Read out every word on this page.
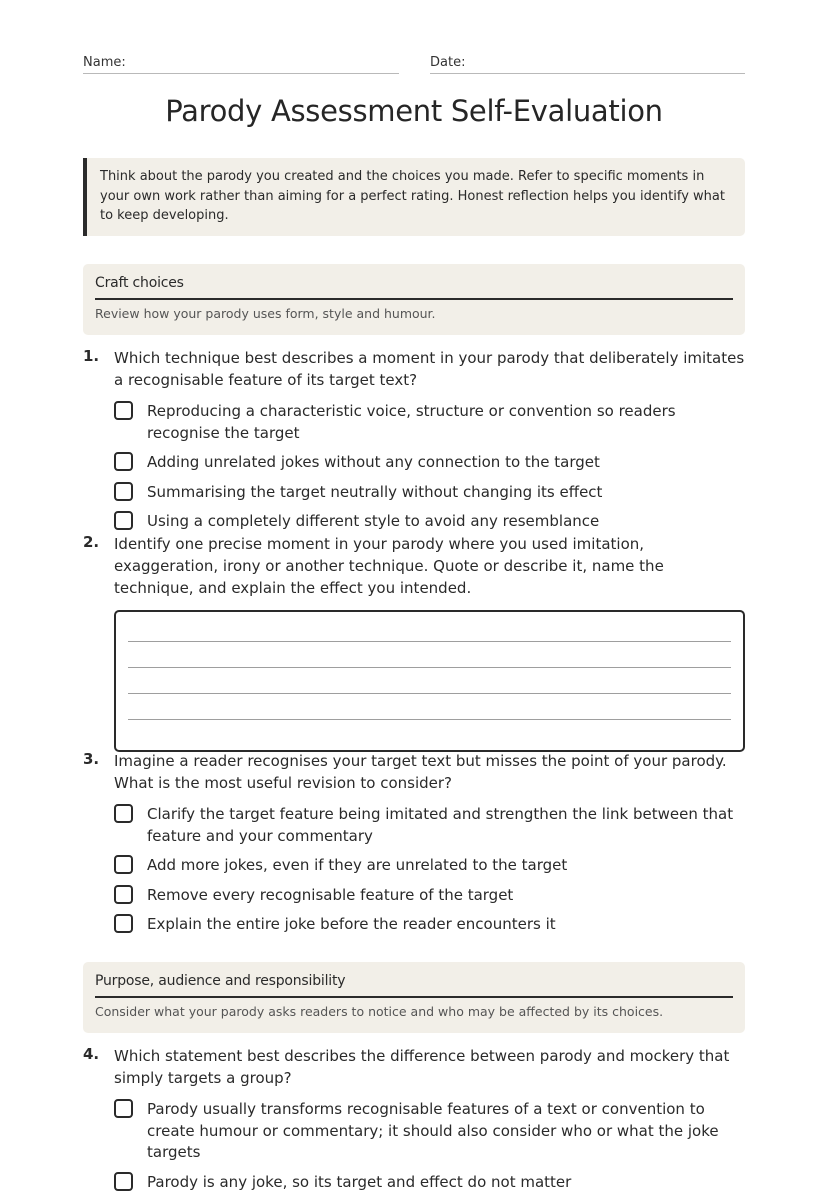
Name:	Date:
Parody Assessment Self-Evaluation
Think about the parody you created and the choices you made. Refer to specific moments in your own work rather than aiming for a perfect rating. Honest reflection helps you identify what to keep developing.
Craft choices
Review how your parody uses form, style and humour.
1. Which technique best describes a moment in your parody that deliberately imitates a recognisable feature of its target text?
Reproducing a characteristic voice, structure or convention so readers recognise the target
Adding unrelated jokes without any connection to the target
Summarising the target neutrally without changing its effect
Using a completely different style to avoid any resemblance
2. Identify one precise moment in your parody where you used imitation, exaggeration, irony or another technique. Quote or describe it, name the technique, and explain the effect you intended.
3. Imagine a reader recognises your target text but misses the point of your parody. What is the most useful revision to consider?
Clarify the target feature being imitated and strengthen the link between that feature and your commentary
Add more jokes, even if they are unrelated to the target
Remove every recognisable feature of the target
Explain the entire joke before the reader encounters it
Purpose, audience and responsibility
Consider what your parody asks readers to notice and who may be affected by its choices.
4. Which statement best describes the difference between parody and mockery that simply targets a group?
Parody usually transforms recognisable features of a text or convention to create humour or commentary; it should also consider who or what the joke targets
Parody is any joke, so its target and effect do not matter
